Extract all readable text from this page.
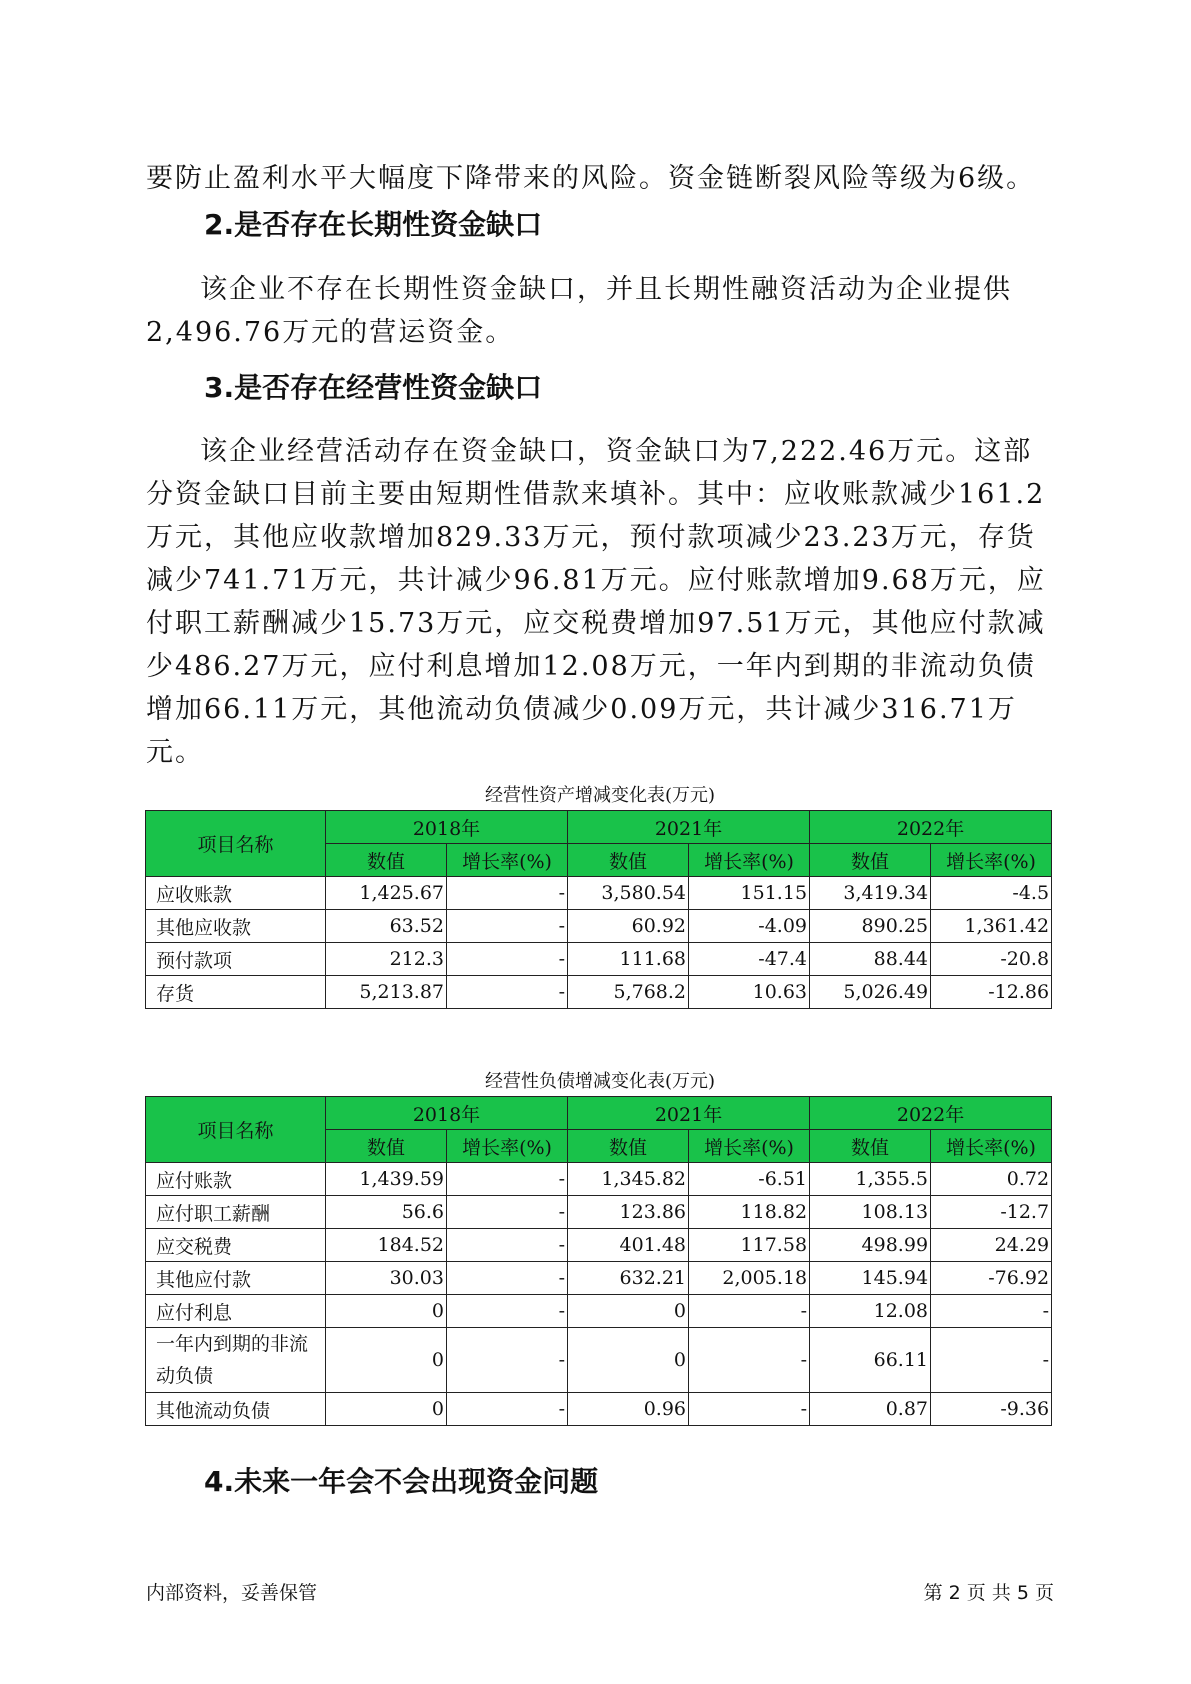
要防止盈利水平大幅度下降带来的风险。资金链断裂风险等级为6级。

2.是否存在长期性资金缺口

该企业不存在长期性资金缺口，并且长期性融资活动为企业提供2,496.76万元的营运资金。

3.是否存在经营性资金缺口

该企业经营活动存在资金缺口，资金缺口为7,222.46万元。这部分资金缺口目前主要由短期性借款来填补。其中：应收账款减少161.2万元，其他应收款增加829.33万元，预付款项减少23.23万元，存货减少741.71万元，共计减少96.81万元。应付账款增加9.68万元，应付职工薪酬减少15.73万元，应交税费增加97.51万元，其他应付款减少486.27万元，应付利息增加12.08万元，一年内到期的非流动负债增加66.11万元，其他流动负债减少0.09万元，共计减少316.71万元。

经营性资产增减变化表(万元)

项目名称	2018年		2021年		2022年	
	数值	增长率(%)	数值	增长率(%)	数值	增长率(%)
应收账款	1,425.67	-	3,580.54	151.15	3,419.34	-4.5
其他应收款	63.52	-	60.92	-4.09	890.25	1,361.42
预付款项	212.3	-	111.68	-47.4	88.44	-20.8
存货	5,213.87	-	5,768.2	10.63	5,026.49	-12.86

经营性负债增减变化表(万元)

项目名称	2018年		2021年		2022年	
	数值	增长率(%)	数值	增长率(%)	数值	增长率(%)
应付账款	1,439.59	-	1,345.82	-6.51	1,355.5	0.72
应付职工薪酬	56.6	-	123.86	118.82	108.13	-12.7
应交税费	184.52	-	401.48	117.58	498.99	24.29
其他应付款	30.03	-	632.21	2,005.18	145.94	-76.92
应付利息	0	-	0	-	12.08	-
一年内到期的非流动负债	0	-	0	-	66.11	-
其他流动负债	0	-	0.96	-	0.87	-9.36
4.未来一年会不会出现资金问题
内部资料，妥善保管	第 2 页 共 5 页
